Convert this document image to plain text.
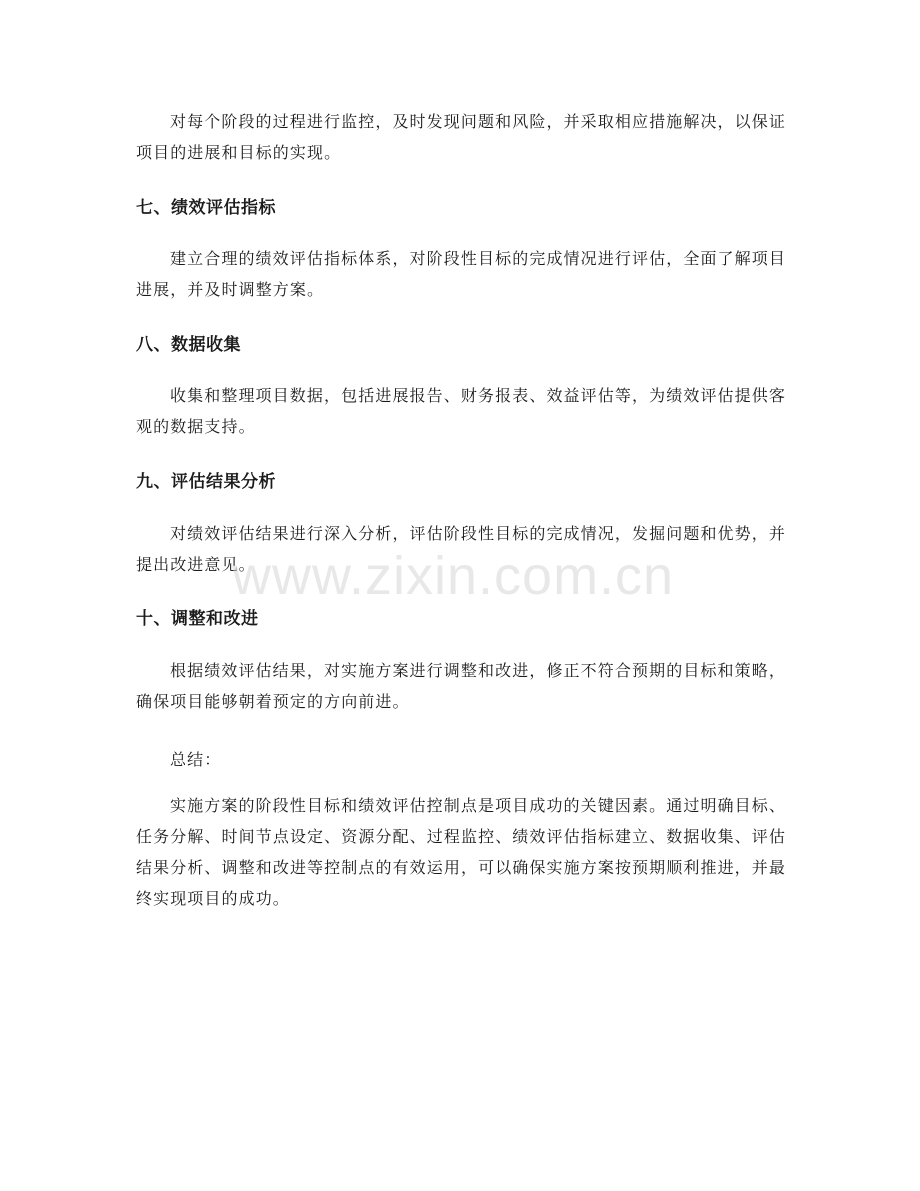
对每个阶段的过程进行监控，及时发现问题和风险，并采取相应措施解决，以保证项目的进展和目标的实现。

七、绩效评估指标

建立合理的绩效评估指标体系，对阶段性目标的完成情况进行评估，全面了解项目进展，并及时调整方案。

八、数据收集

收集和整理项目数据，包括进展报告、财务报表、效益评估等，为绩效评估提供客观的数据支持。

九、评估结果分析

对绩效评估结果进行深入分析，评估阶段性目标的完成情况，发掘问题和优势，并提出改进意见。

十、调整和改进

根据绩效评估结果，对实施方案进行调整和改进，修正不符合预期的目标和策略，确保项目能够朝着预定的方向前进。

总结：

实施方案的阶段性目标和绩效评估控制点是项目成功的关键因素。通过明确目标、任务分解、时间节点设定、资源分配、过程监控、绩效评估指标建立、数据收集、评估结果分析、调整和改进等控制点的有效运用，可以确保实施方案按预期顺利推进，并最终实现项目的成功。

www.zixin.com.cn
